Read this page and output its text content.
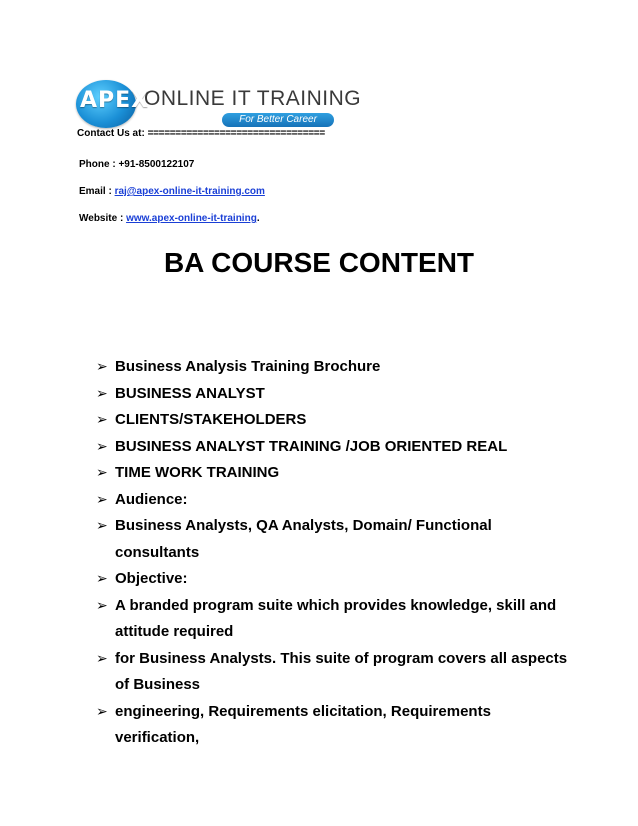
APEX
ONLINE IT TRAINING
For Better Career
Contact Us at: ================================
Phone : +91-8500122107
Email : raj@apex-online-it-training.com
Website : www.apex-online-it-training.
BA COURSE CONTENT
➢ Business Analysis Training Brochure
➢ BUSINESS ANALYST
➢ CLIENTS/STAKEHOLDERS
➢ BUSINESS ANALYST TRAINING /JOB ORIENTED REAL
➢ TIME WORK TRAINING
➢ Audience:
➢ Business Analysts, QA Analysts, Domain/ Functional consultants
➢ Objective:
➢ A branded program suite which provides knowledge, skill and attitude required
➢ for Business Analysts. This suite of program covers all aspects of Business
➢ engineering, Requirements elicitation, Requirements verification,
